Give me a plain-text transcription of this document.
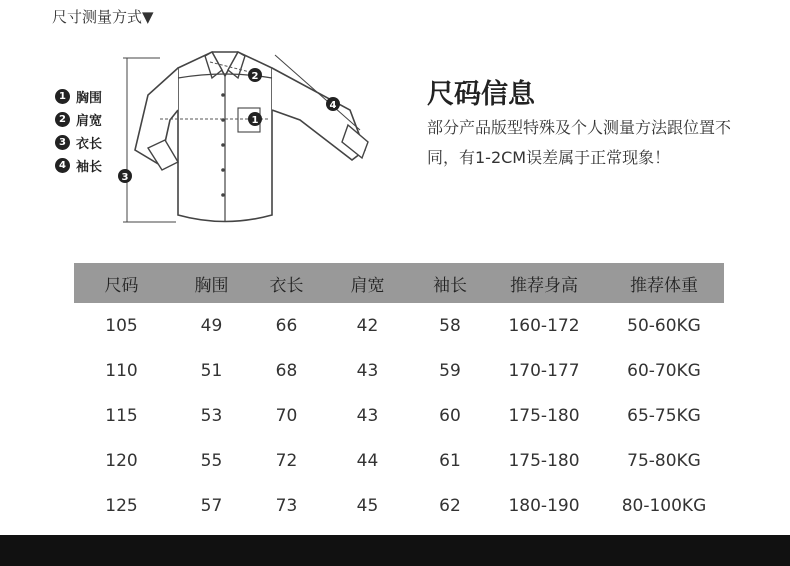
尺寸测量方式▼
1
2
3
4
1 胸围
2 肩宽
3 衣长
4 袖长
尺码信息
部分产品版型特殊及个人测量方法跟位置不同，有1-2CM误差属于正常现象！
尺码	胸围	衣长	肩宽	袖长	推荐身高	推荐体重
105	49	66	42	58	160-172	50-60KG
110	51	68	43	59	170-177	60-70KG
115	53	70	43	60	175-180	65-75KG
120	55	72	44	61	175-180	75-80KG
125	57	73	45	62	180-190	80-100KG
